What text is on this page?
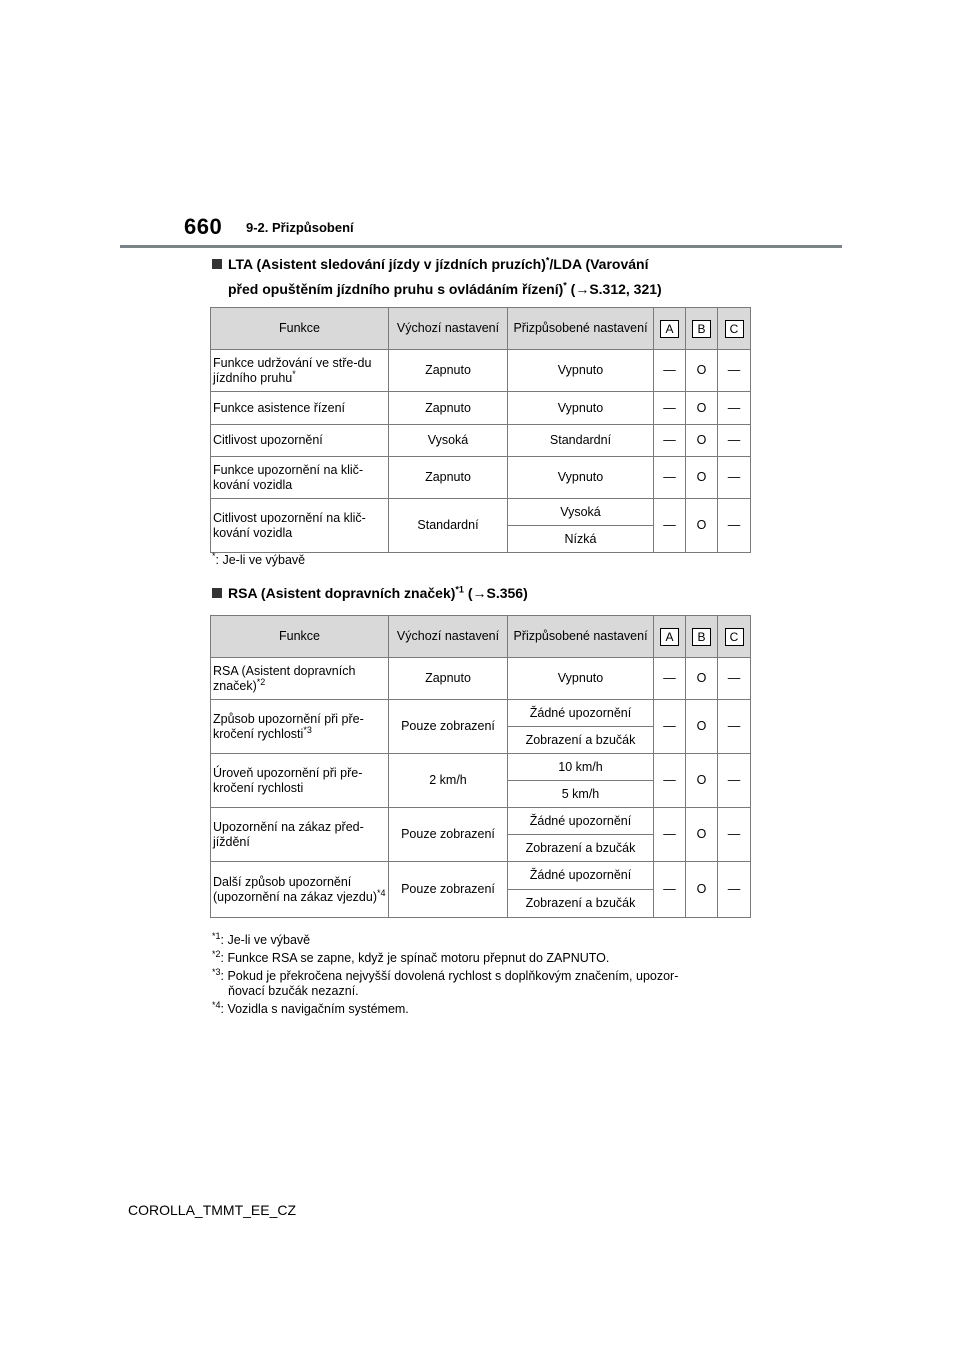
660 9-2. Přizpůsobení
LTA (Asistent sledování jízdy v jízdních pruzích)*/LDA (Varování
před opuštěním jízdního pruhu s ovládáním řízení)* (→S.312, 321)
Funkce	Výchozí nastavení	Přizpůsobené nastavení	A	B	C
Funkce udržování ve stře-du jízdního pruhu*	Zapnuto	Vypnuto	—	O	—
Funkce asistence řízení	Zapnuto	Vypnuto	—	O	—
Citlivost upozornění	Vysoká	Standardní	—	O	—
Funkce upozornění na klič-kování vozidla	Zapnuto	Vypnuto	—	O	—
Citlivost upozornění na klič-kování vozidla	Standardní	Vysoká	—	O	—
		Nízká			
*: Je-li ve výbavě
RSA (Asistent dopravních značek)$^{*1}$ (→S.356)
Funkce	Výchozí nastavení	Přizpůsobené nastavení	A	B	C
RSA (Asistent dopravních značek)$^{*2}$	Zapnuto	Vypnuto	—	O	—
Způsob upozornění při pře-kročení rychlosti$^{*3}$	Pouze zobrazení	Žádné upozornění	—	O	—
		Zobrazení a bzučák			
Úroveň upozornění při pře-kročení rychlosti	2 km/h	10 km/h	—	O	—
		5 km/h			
Upozornění na zákaz před-jíždění	Pouze zobrazení	Žádné upozornění	—	O	—
		Zobrazení a bzučák			
Další způsob upozornění (upozornění na zákaz vjezdu)$^{*4}$	Pouze zobrazení	Žádné upozornění	—	O	—
		Zobrazení a bzučák			
$^{*1}$: Je-li ve výbavě
$^{*2}$: Funkce RSA se zapne, když je spínač motoru přepnut do ZAPNUTO.
$^{*3}$: Pokud je překročena nejvyšší dovolená rychlost s doplňkovým značením, upozor-
ňovací bzučák nezazní.
$^{*4}$: Vozidla s navigačním systémem.
COROLLA_TMMT_EE_CZ
